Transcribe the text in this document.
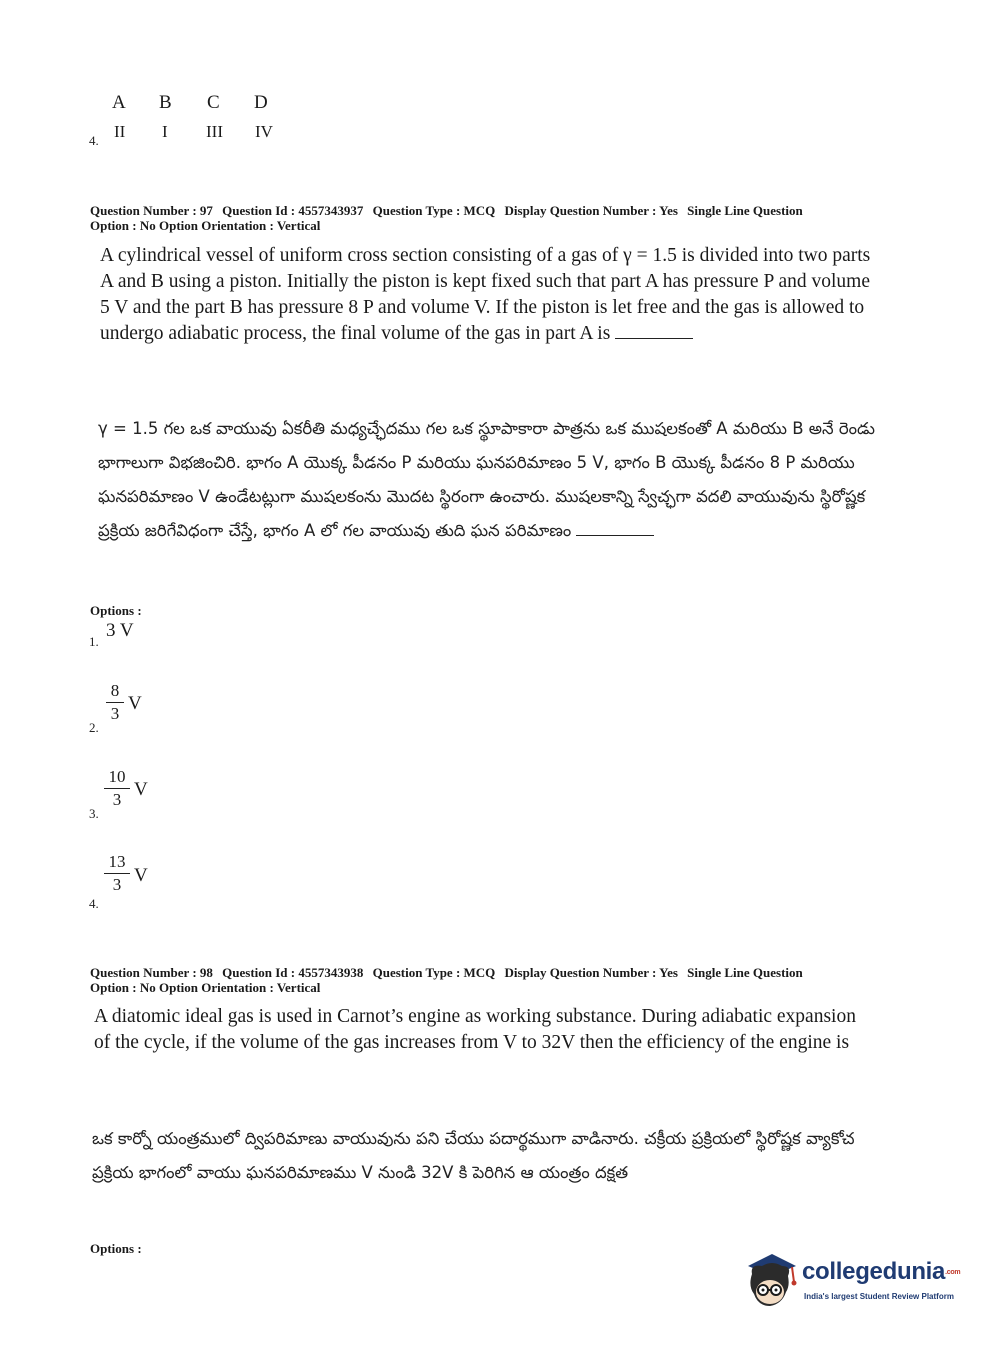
A B C D
II I III IV
4.
Question Number : 97 Question Id : 4557343937 Question Type : MCQ Display Question Number : Yes Single Line Question
Option : No Option Orientation : Vertical
A cylindrical vessel of uniform cross section consisting of a gas of γ = 1.5 is divided into two parts A and B using a piston. Initially the piston is kept fixed such that part A has pressure P and volume 5 V and the part B has pressure 8 P and volume V. If the piston is let free and the gas is allowed to undergo adiabatic process, the final volume of the gas in part A is
γ = 1.5 గల ఒక వాయువు ఏకరీతి మధ్యచ్ఛేదము గల ఒక స్థూపాకారా పాత్రను ఒక ముషలకంతో A మరియు B అనే రెండు భాగాలుగా విభజించిరి. భాగం A యొక్క పీడనం P మరియు ఘనపరిమాణం 5 V, భాగం B యొక్క పీడనం 8 P మరియు ఘనపరిమాణం V ఉండేటట్లుగా ముషలకంను మొదట స్థిరంగా ఉంచారు. ముషలకాన్ని స్వేచ్ఛగా వదలి వాయువును స్థిరోష్ణక ప్రక్రియ జరిగేవిధంగా చేస్తే, భాగం A లో గల వాయువు తుది ఘన పరిమాణం
Options :
1.
3 V
2.
8
3 V
3.
10
3 V
4.
13
3 V
Question Number : 98 Question Id : 4557343938 Question Type : MCQ Display Question Number : Yes Single Line Question
Option : No Option Orientation : Vertical
A diatomic ideal gas is used in Carnot’s engine as working substance. During adiabatic expansion of the cycle, if the volume of the gas increases from V to 32V then the efficiency of the engine is
ఒక కార్నో యంత్రములో ద్విపరిమాణు వాయువును పని చేయు పదార్థముగా వాడినారు. చక్రీయ ప్రక్రియలో స్థిరోష్ణక వ్యాకోచ ప్రక్రియ భాగంలో వాయు ఘనపరిమాణము V నుండి 32V కి పెరిగిన ఆ యంత్రం దక్షత
Options :
collegedunia.com
India's largest Student Review Platform
